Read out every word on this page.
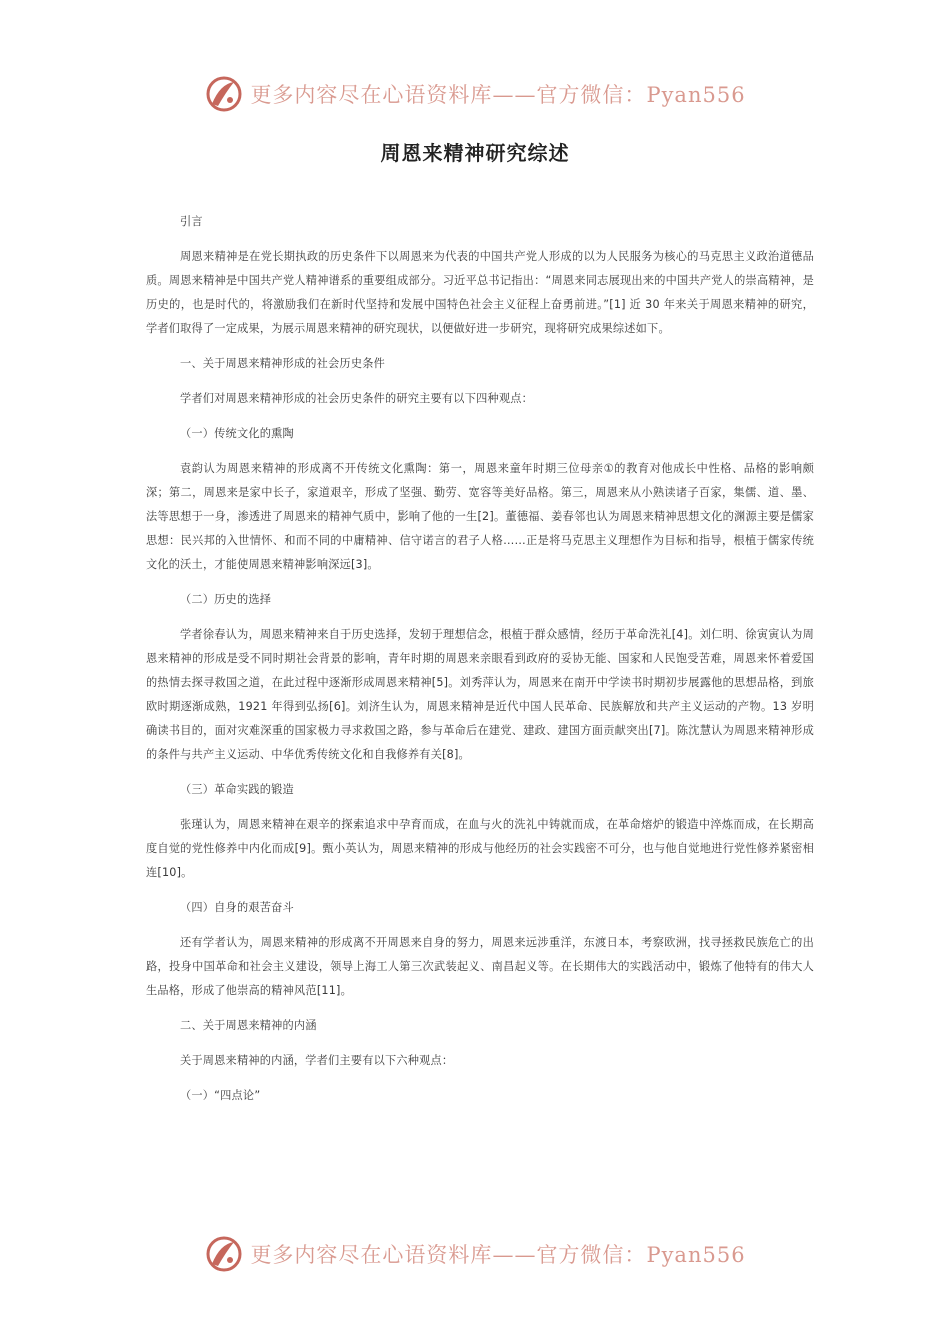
更多内容尽在心语资料库——官方微信：Pyan556
周恩来精神研究综述

引言

周恩来精神是在党长期执政的历史条件下以周恩来为代表的中国共产党人形成的以为人民服务为核心的马克思主义政治道德品质。周恩来精神是中国共产党人精神谱系的重要组成部分。习近平总书记指出：“周恩来同志展现出来的中国共产党人的崇高精神，是历史的，也是时代的，将激励我们在新时代坚持和发展中国特色社会主义征程上奋勇前进。”[1] 近 30 年来关于周恩来精神的研究，学者们取得了一定成果，为展示周恩来精神的研究现状，以便做好进一步研究，现将研究成果综述如下。

一、关于周恩来精神形成的社会历史条件

学者们对周恩来精神形成的社会历史条件的研究主要有以下四种观点：

（一）传统文化的熏陶

袁韵认为周恩来精神的形成离不开传统文化熏陶：第一，周恩来童年时期三位母亲①的教育对他成长中性格、品格的影响颇深；第二，周恩来是家中长子，家道艰辛，形成了坚强、勤劳、宽容等美好品格。第三，周恩来从小熟读诸子百家，集儒、道、墨、法等思想于一身，渗透进了周恩来的精神气质中，影响了他的一生[2]。董德福、姜春邻也认为周恩来精神思想文化的渊源主要是儒家思想：民兴邦的入世情怀、和而不同的中庸精神、信守诺言的君子人格……正是将马克思主义理想作为目标和指导，根植于儒家传统文化的沃土，才能使周恩来精神影响深远[3]。

（二）历史的选择

学者徐春认为，周恩来精神来自于历史选择，发轫于理想信念，根植于群众感情，经历于革命洗礼[4]。刘仁明、徐寅寅认为周恩来精神的形成是受不同时期社会背景的影响，青年时期的周恩来亲眼看到政府的妥协无能、国家和人民饱受苦难，周恩来怀着爱国的热情去探寻救国之道，在此过程中逐渐形成周恩来精神[5]。刘秀萍认为，周恩来在南开中学读书时期初步展露他的思想品格，到旅欧时期逐渐成熟，1921 年得到弘扬[6]。刘济生认为，周恩来精神是近代中国人民革命、民族解放和共产主义运动的产物。13 岁明确读书目的，面对灾难深重的国家极力寻求救国之路，参与革命后在建党、建政、建国方面贡献突出[7]。陈沈慧认为周恩来精神形成的条件与共产主义运动、中华优秀传统文化和自我修养有关[8]。

（三）革命实践的锻造

张瑾认为，周恩来精神在艰辛的探索追求中孕育而成，在血与火的洗礼中铸就而成，在革命熔炉的锻造中淬炼而成，在长期高度自觉的党性修养中内化而成[9]。甄小英认为，周恩来精神的形成与他经历的社会实践密不可分，也与他自觉地进行党性修养紧密相连[10]。

（四）自身的艰苦奋斗

还有学者认为，周恩来精神的形成离不开周恩来自身的努力，周恩来远涉重洋，东渡日本，考察欧洲，找寻拯救民族危亡的出路，投身中国革命和社会主义建设，领导上海工人第三次武装起义、南昌起义等。在长期伟大的实践活动中，锻炼了他特有的伟大人生品格，形成了他崇高的精神风范[11]。

二、关于周恩来精神的内涵

关于周恩来精神的内涵，学者们主要有以下六种观点：

（一）“四点论”

更多内容尽在心语资料库——官方微信：Pyan556
